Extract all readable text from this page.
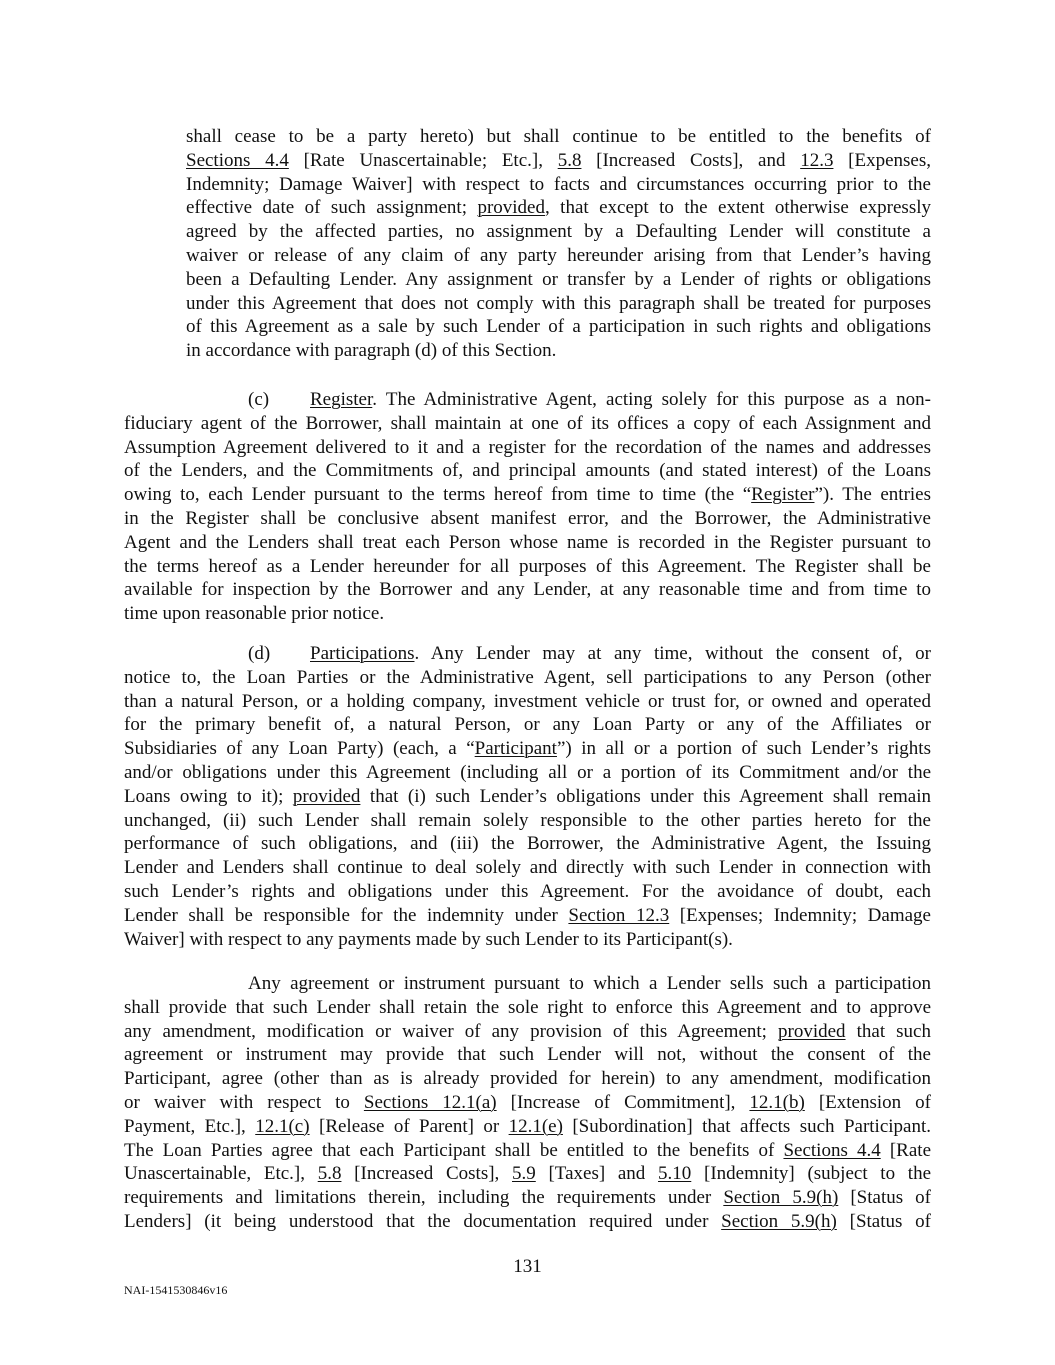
shall cease to be a party hereto) but shall continue to be entitled to the benefits of
Sections 4.4 [Rate Unascertainable; Etc.], 5.8 [Increased Costs], and 12.3 [Expenses,
Indemnity; Damage Waiver] with respect to facts and circumstances occurring prior to the
effective date of such assignment; provided, that except to the extent otherwise expressly
agreed by the affected parties, no assignment by a Defaulting Lender will constitute a
waiver or release of any claim of any party hereunder arising from that Lender’s having
been a Defaulting Lender. Any assignment or transfer by a Lender of rights or obligations
under this Agreement that does not comply with this paragraph shall be treated for purposes
of this Agreement as a sale by such Lender of a participation in such rights and obligations
in accordance with paragraph (d) of this Section.
(c) Register. The Administrative Agent, acting solely for this purpose as a non-
fiduciary agent of the Borrower, shall maintain at one of its offices a copy of each Assignment and
Assumption Agreement delivered to it and a register for the recordation of the names and addresses
of the Lenders, and the Commitments of, and principal amounts (and stated interest) of the Loans
owing to, each Lender pursuant to the terms hereof from time to time (the “Register”). The entries
in the Register shall be conclusive absent manifest error, and the Borrower, the Administrative
Agent and the Lenders shall treat each Person whose name is recorded in the Register pursuant to
the terms hereof as a Lender hereunder for all purposes of this Agreement. The Register shall be
available for inspection by the Borrower and any Lender, at any reasonable time and from time to
time upon reasonable prior notice.
(d) Participations. Any Lender may at any time, without the consent of, or
notice to, the Loan Parties or the Administrative Agent, sell participations to any Person (other
than a natural Person, or a holding company, investment vehicle or trust for, or owned and operated
for the primary benefit of, a natural Person, or any Loan Party or any of the Affiliates or
Subsidiaries of any Loan Party) (each, a “Participant”) in all or a portion of such Lender’s rights
and/or obligations under this Agreement (including all or a portion of its Commitment and/or the
Loans owing to it); provided that (i) such Lender’s obligations under this Agreement shall remain
unchanged, (ii) such Lender shall remain solely responsible to the other parties hereto for the
performance of such obligations, and (iii) the Borrower, the Administrative Agent, the Issuing
Lender and Lenders shall continue to deal solely and directly with such Lender in connection with
such Lender’s rights and obligations under this Agreement. For the avoidance of doubt, each
Lender shall be responsible for the indemnity under Section 12.3 [Expenses; Indemnity; Damage
Waiver] with respect to any payments made by such Lender to its Participant(s).
Any agreement or instrument pursuant to which a Lender sells such a participation
shall provide that such Lender shall retain the sole right to enforce this Agreement and to approve
any amendment, modification or waiver of any provision of this Agreement; provided that such
agreement or instrument may provide that such Lender will not, without the consent of the
Participant, agree (other than as is already provided for herein) to any amendment, modification
or waiver with respect to Sections 12.1(a) [Increase of Commitment], 12.1(b) [Extension of
Payment, Etc.], 12.1(c) [Release of Parent] or 12.1(e) [Subordination] that affects such Participant.
The Loan Parties agree that each Participant shall be entitled to the benefits of Sections 4.4 [Rate
Unascertainable, Etc.], 5.8 [Increased Costs], 5.9 [Taxes] and 5.10 [Indemnity] (subject to the
requirements and limitations therein, including the requirements under Section 5.9(h) [Status of
Lenders] (it being understood that the documentation required under Section 5.9(h) [Status of
131
NAI-1541530846v16
